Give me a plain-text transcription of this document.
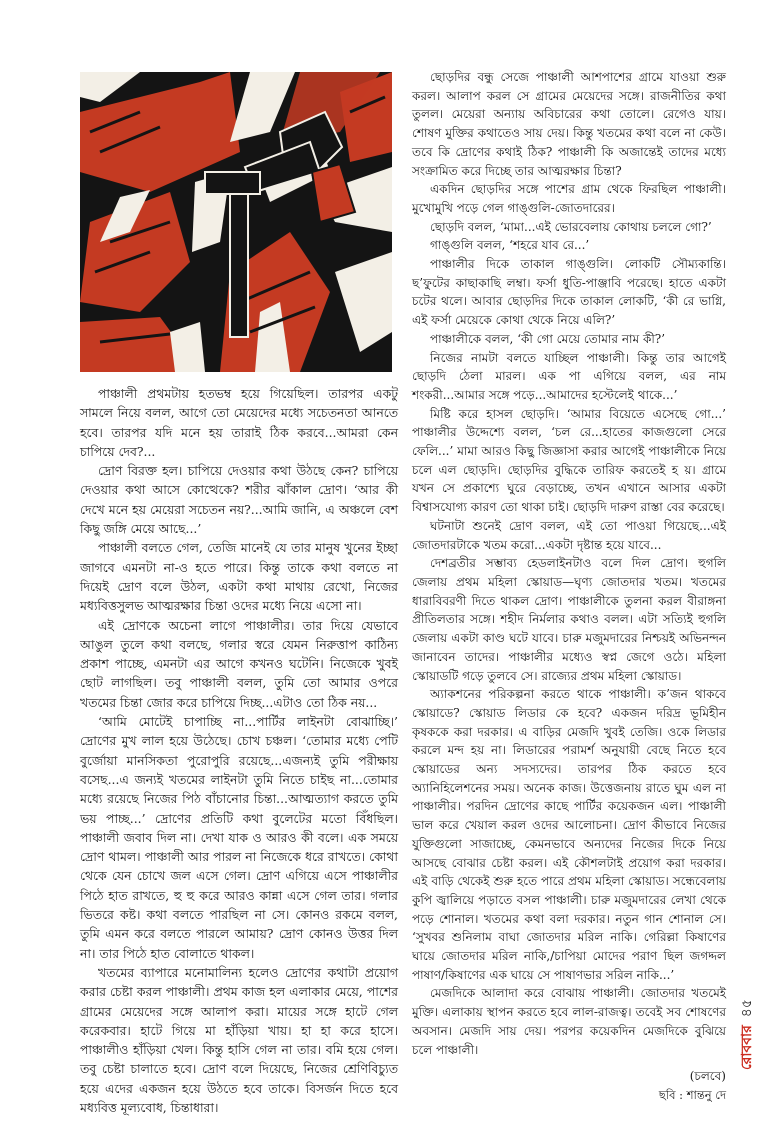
পাঞ্চালী প্রথমটায় হতভম্ব হয়ে গিয়েছিল। তারপর একটু সামলে নিয়ে বলল, আগে তো মেয়েদের মধ্যে সচেতনতা আনতে হবে। তারপর যদি মনে হয় তারাই ঠিক করবে...আমরা কেন চাপিয়ে দেব?...

দ্রোণ বিরক্ত হল। চাপিয়ে দেওয়ার কথা উঠছে কেন? চাপিয়ে দেওয়ার কথা আসে কোত্থেকে? শরীর ঝাঁকাল দ্রোণ। ‘আর কী দেখে মনে হয় মেয়েরা সচেতন নয়?...আমি জানি, এ অঞ্চলে বেশ কিছু জঙ্গি মেয়ে আছে...’

পাঞ্চালী বলতে গেল, তেজি মানেই যে তার মানুষ খুনের ইচ্ছা জাগবে এমনটা না-ও হতে পারে। কিন্তু তাকে কথা বলতে না দিয়েই দ্রোণ বলে উঠল, একটা কথা মাথায় রেখো, নিজের মধ্যবিত্তসুলভ আত্মরক্ষার চিন্তা ওদের মধ্যে নিয়ে এসো না।

এই দ্রোণকে অচেনা লাগে পাঞ্চালীর। তার দিয়ে যেভাবে আঙুল তুলে কথা বলছে, গলার স্বরে যেমন নিরুত্তাপ কাঠিন্য প্রকাশ পাচ্ছে, এমনটা এর আগে কখনও ঘটেনি। নিজেকে খুবই ছোট লাগছিল। তবু পাঞ্চালী বলল, তুমি তো আমার ওপরে খতমের চিন্তা জোর করে চাপিয়ে দিচ্ছ...এটাও তো ঠিক নয়...

‘আমি মোটেই চাপাচ্ছি না...পার্টির লাইনটা বোঝাচ্ছি।’ দ্রোণের মুখ লাল হয়ে উঠেছে। চোখ চঞ্চল। ‘তোমার মধ্যে পেটি বুর্জোয়া মানসিকতা পুরোপুরি রয়েছে...এজন্যই তুমি পরীক্ষায় বসেছ...এ জন্যই খতমের লাইনটা তুমি নিতে চাইছ না...তোমার মধ্যে রয়েছে নিজের পিঠ বাঁচানোর চিন্তা...আত্মত্যাগ করতে তুমি ভয় পাচ্ছ...’ দ্রোণের প্রতিটি কথা বুলেটের মতো বিঁধছিল। পাঞ্চালী জবাব দিল না। দেখা যাক ও আরও কী বলে। এক সময়ে দ্রোণ থামল। পাঞ্চালী আর পারল না নিজেকে ধরে রাখতে। কোথা থেকে যেন চোখে জল এসে গেল। দ্রোণ এগিয়ে এসে পাঞ্চালীর পিঠে হাত রাখতে, হু হু করে আরও কান্না এসে গেল তার। গলার ভিতরে কষ্ট। কথা বলতে পারছিল না সে। কোনও রকমে বলল, তুমি এমন করে বলতে পারলে আমায়? দ্রোণ কোনও উত্তর দিল না। তার পিঠে হাত বোলাতে থাকল।

খতমের ব্যাপারে মনোমালিন্য হলেও দ্রোণের কথাটা প্রয়োগ করার চেষ্টা করল পাঞ্চালী। প্রথম কাজ হল এলাকার মেয়ে, পাশের গ্রামের মেয়েদের সঙ্গে আলাপ করা। মায়ের সঙ্গে হাটে গেল করেকবার। হাটে গিয়ে মা হাঁড়িয়া খায়। হা হা করে হাসে। পাঞ্চালীও হাঁড়িয়া খেল। কিন্তু হাসি গেল না তার। বমি হয়ে গেল। তবু চেষ্টা চালাতে হবে। দ্রোণ বলে দিয়েছে, নিজের শ্রেণিবিচ্যুত হয়ে এদের একজন হয়ে উঠতে হবে তাকে। বিসর্জন দিতে হবে মধ্যবিত্ত মূল্যবোধ, চিন্তাধারা।

ছোড়দির বন্ধু সেজে পাঞ্চালী আশপাশের গ্রামে যাওয়া শুরু করল। আলাপ করল সে গ্রামের মেয়েদের সঙ্গে। রাজনীতির কথা তুলল। মেয়েরা অন্যায় অবিচারের কথা তোলে। রেগেও যায়। শোষণ মুক্তির কথাতেও সায় দেয়। কিন্তু খতমের কথা বলে না কেউ। তবে কি দ্রোণের কথাই ঠিক? পাঞ্চালী কি অজান্তেই তাদের মধ্যে সংক্রামিত করে দিচ্ছে তার আত্মরক্ষার চিন্তা?

একদিন ছোড়দির সঙ্গে পাশের গ্রাম থেকে ফিরছিল পাঞ্চালী। মুখোমুখি পড়ে গেল গাঙ্গুলি-জোতদারের।

ছোড়দি বলল, ‘মামা...এই ভোরবেলায় কোথায় চললে গো?’

গাঙ্গুলি বলল, ‘শহরে যাব রে...’

পাঞ্চালীর দিকে তাকাল গাঙ্গুলি। লোকটি সৌম্যকান্তি। ছ’ফুটের কাছাকাছি লম্বা। ফর্সা ধুতি-পাঞ্জাবি পরেছে। হাতে একটা চটের থলে। আবার ছোড়দির দিকে তাকাল লোকটি, ‘কী রে ভাগ্নি, এই ফর্সা মেয়েকে কোথা থেকে নিয়ে এলি?’

পাঞ্চালীকে বলল, ‘কী গো মেয়ে তোমার নাম কী?’

নিজের নামটা বলতে যাচ্ছিল পাঞ্চালী। কিন্তু তার আগেই ছোড়দি ঠেলা মারল। এক পা এগিয়ে বলল, এর নাম শংকরী...আমার সঙ্গে পড়ে...আমাদের হস্টেলেই থাকে...’

মিষ্টি করে হাসল ছোড়দি। ‘আমার বিয়েতে এসেছে গো...’ পাঞ্চালীর উদ্দেশ্যে বলল, ‘চল রে...হাতের কাজগুলো সেরে ফেলি...’ মামা আরও কিছু জিজ্ঞাসা করার আগেই পাঞ্চালীকে নিয়ে চলে এল ছোড়দি। ছোড়দির বুদ্ধিকে তারিফ করতেই হ য়। গ্রামে যখন সে প্রকাশ্যে ঘুরে বেড়াচ্ছে, তখন এখানে আসার একটা বিশ্বাসযোগ্য কারণ তো থাকা চাই। ছোড়দি দারুণ রাস্তা বের করেছে।

ঘটনাটা শুনেই দ্রোণ বলল, এই তো পাওয়া গিয়েছে...এই জোতদারটাকে খতম করো...একটা দৃষ্টান্ত হয়ে যাবে...

দেশব্রতীর সম্ভাব্য হেডলাইনটাও বলে দিল দ্রোণ। হুগলি জেলায় প্রথম মহিলা স্কোয়াড—ঘৃণ্য জোতদার খতম। খতমের ধারাবিবরণী দিতে থাকল দ্রোণ। পাঞ্চালীকে তুলনা করল বীরাঙ্গনা প্রীতিলতার সঙ্গে। শহীদ নির্মলার কথাও বলল। এটা সত্যিই হুগলি জেলায় একটা কাণ্ড ঘটে যাবে। চারু মজুমদারের নিশ্চয়ই অভিনন্দন জানাবেন তাদের। পাঞ্চালীর মধ্যেও স্বপ্ন জেগে ওঠে। মহিলা স্কোয়াডটি গড়ে তুলবে সে। রাজ্যের প্রথম মহিলা স্কোয়াড।

অ্যাকশনের পরিকল্পনা করতে থাকে পাঞ্চালী। ক’জন থাকবে স্কোয়াডে? স্কোয়াড লিডার কে হবে? একজন দরিদ্র ভূমিহীন কৃষককে করা দরকার। এ বাড়ির মেজদি খুবই তেজি। ওকে লিডার করলে মন্দ হয় না। লিডারের পরামর্শ অনুযায়ী বেছে নিতে হবে স্কোয়াডের অন্য সদস্যদের। তারপর ঠিক করতে হবে অ্যানিহিলেশনের সময়। অনেক কাজ। উত্তেজনায় রাতে ঘুম এল না পাঞ্চালীর। পরদিন দ্রোণের কাছে পার্টির কয়েকজন এল। পাঞ্চালী ভাল করে খেয়াল করল ওদের আলোচনা। দ্রোণ কীভাবে নিজের যুক্তিগুলো সাজাচ্ছে, কেমনভাবে অন্যদের নিজের দিকে নিয়ে আসছে বোঝার চেষ্টা করল। এই কৌশলটাই প্রয়োগ করা দরকার। এই বাড়ি থেকেই শুরু হতে পারে প্রথম মহিলা স্কোয়াড। সন্ধেবেলায় কুপি জ্বালিয়ে পড়াতে বসল পাঞ্চালী। চারু মজুমদারের লেখা থেকে পড়ে শোনাল। খতমের কথা বলা দরকার। নতুন গান শোনাল সে। ‘সুখবর শুনিলাম বাঘা জোতদার মরিল নাকি। গেরিল্লা কিষাণের ঘায়ে জোতদার মরিল নাকি,/চাপিয়া মোদের পরাণ ছিল জগদ্দল পাষাণ/কিষাণের এক ঘায়ে সে পাষাণভার সরিল নাকি...’

মেজদিকে আলাদা করে বোঝায় পাঞ্চালী। জোতদার খতমেই মুক্তি। এলাকায় স্থাপন করতে হবে লাল-রাজত্ব। তবেই সব শোষণের অবসান। মেজদি সায় দেয়। পরপর কয়েকদিন মেজদিকে বুঝিয়ে চলে পাঞ্চালী।

(চলবে)

ছবি : শান্তনু দে

রোববার৪৫
